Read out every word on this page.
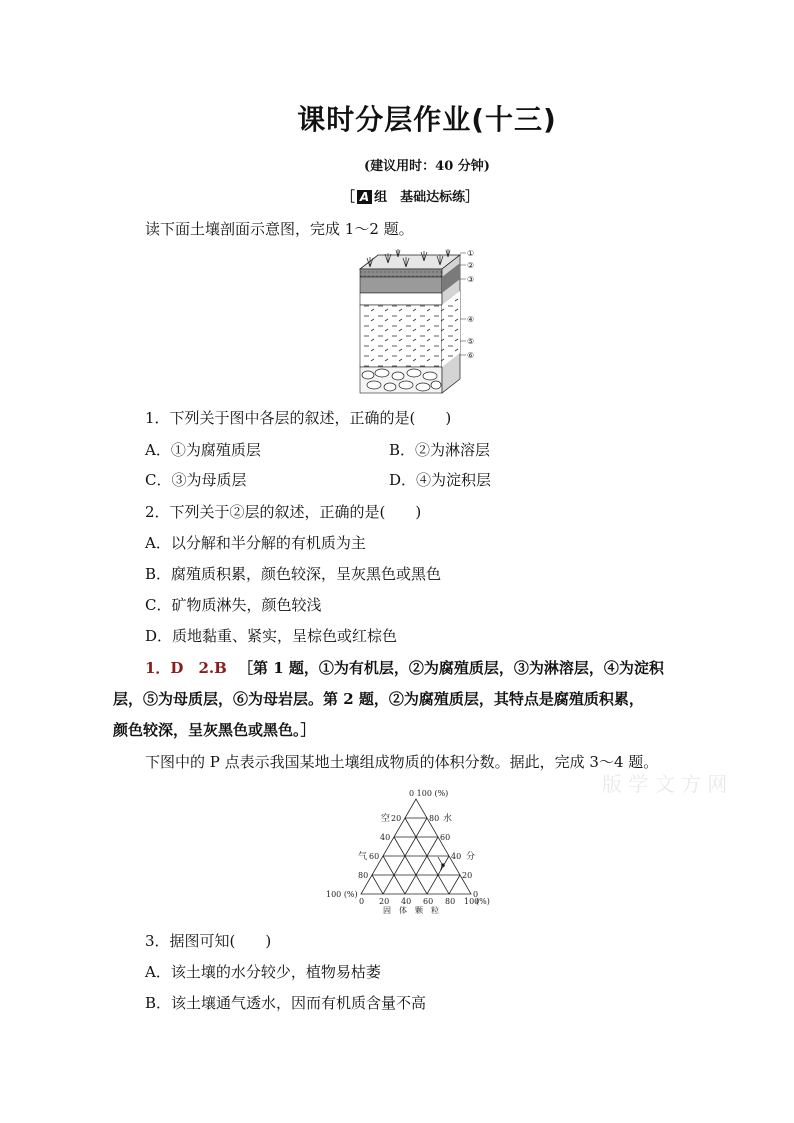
课时分层作业(十三)
(建议用时：40 分钟)
［ A 组　基础达标练］
读下面土壤剖面示意图，完成 1～2 题。
①
②
③
④
⑤
⑥
1．下列关于图中各层的叙述，正确的是(　　)
A．①为腐殖质层	B．②为淋溶层
C．③为母质层	D．④为淀积层
2．下列关于②层的叙述，正确的是(　　)
A．以分解和半分解的有机质为主
B．腐殖质积累，颜色较深，呈灰黑色或黑色
C．矿物质淋失，颜色较浅
D．质地黏重、紧实，呈棕色或红棕色
1．D　2.B ［第 1 题，①为有机层，②为腐殖质层，③为淋溶层，④为淀积
层，⑤为母质层，⑥为母岩层。第 2 题，②为腐殖质层，其特点是腐殖质积累，
颜色较深，呈灰黑色或黑色。］
下图中的 P 点表示我国某地土壤组成物质的体积分数。据此，完成 3～4 题。
版 学 文 方 网
P
0 100 (%)
20
40
60
80
80
60
40
20
0
100 (%)
0 20 40 60 80 100
(%)
固　体　颗　粒
空
气
水
分
3．据图可知(　　)
A．该土壤的水分较少，植物易枯萎
B．该土壤通气透水，因而有机质含量不高
